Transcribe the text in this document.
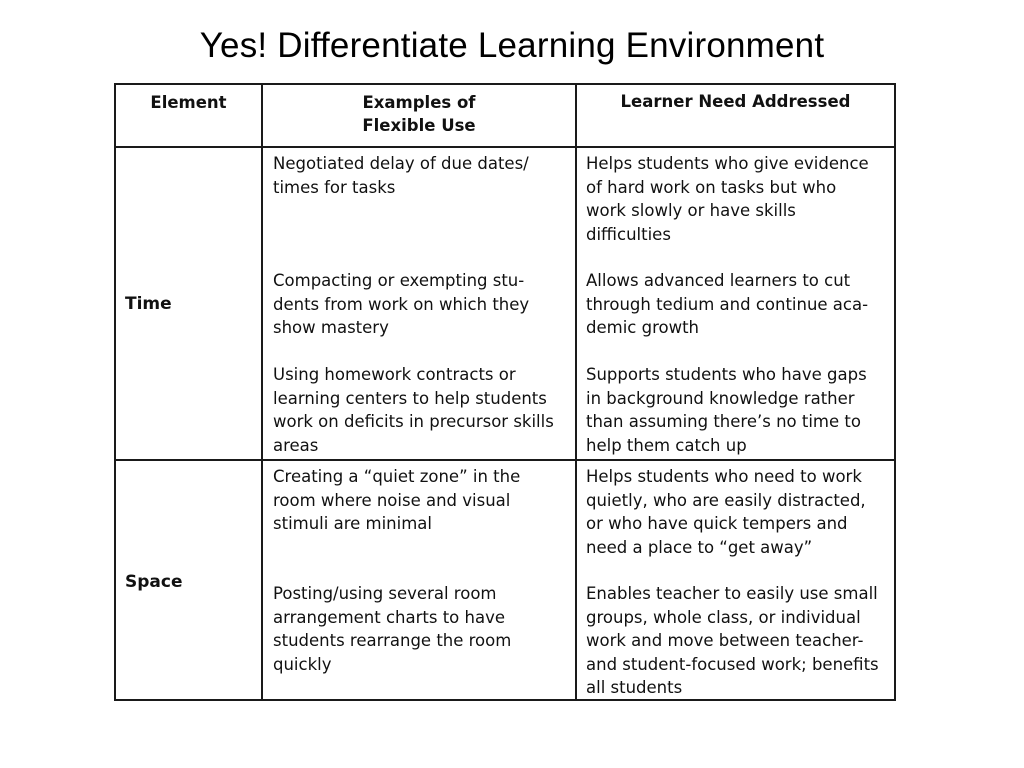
Yes! Differentiate Learning Environment
Element	Examples of
Flexible Use
Learner Need Addressed
Time
Negotiated delay of due dates/
times for tasks
Helps students who give evidence
of hard work on tasks but who
work slowly or have skills
difficulties
Compacting or exempting stu-
dents from work on which they
show mastery
Allows advanced learners to cut
through tedium and continue aca-
demic growth
Using homework contracts or
learning centers to help students
work on deficits in precursor skills
areas
Supports students who have gaps
in background knowledge rather
than assuming there’s no time to
help them catch up
Space
Creating a “quiet zone” in the
room where noise and visual
stimuli are minimal
Helps students who need to work
quietly, who are easily distracted,
or who have quick tempers and
need a place to “get away”
Posting/using several room
arrangement charts to have
students rearrange the room
quickly
Enables teacher to easily use small
groups, whole class, or individual
work and move between teacher-
and student-focused work; benefits
all students
